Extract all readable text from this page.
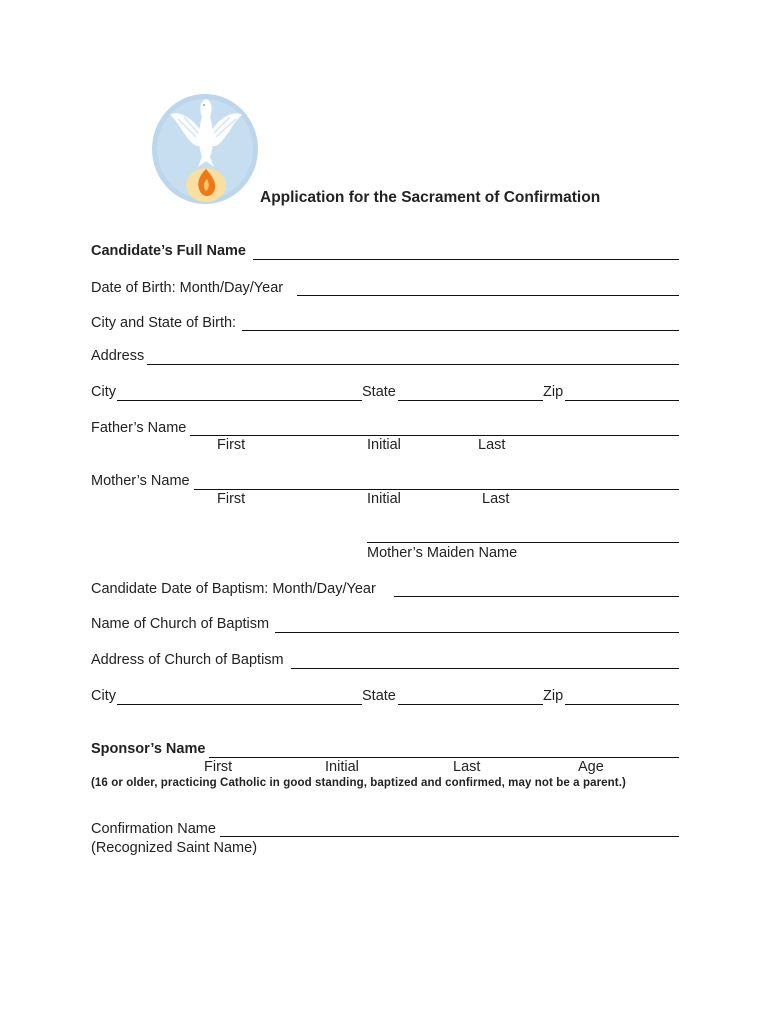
Application for the Sacrament of Confirmation
Candidate’s Full Name
Date of Birth: Month/Day/Year
City and State of Birth:
Address
City	State	Zip
Father’s Name
First	Initial	Last
Mother’s Name
First	Initial	Last
Mother’s Maiden Name
Candidate Date of Baptism: Month/Day/Year
Name of Church of Baptism
Address of Church of Baptism
City	State	Zip
Sponsor’s Name
First	Initial	Last	Age
(16 or older, practicing Catholic in good standing, baptized and confirmed, may not be a parent.)
Confirmation Name
(Recognized Saint Name)
